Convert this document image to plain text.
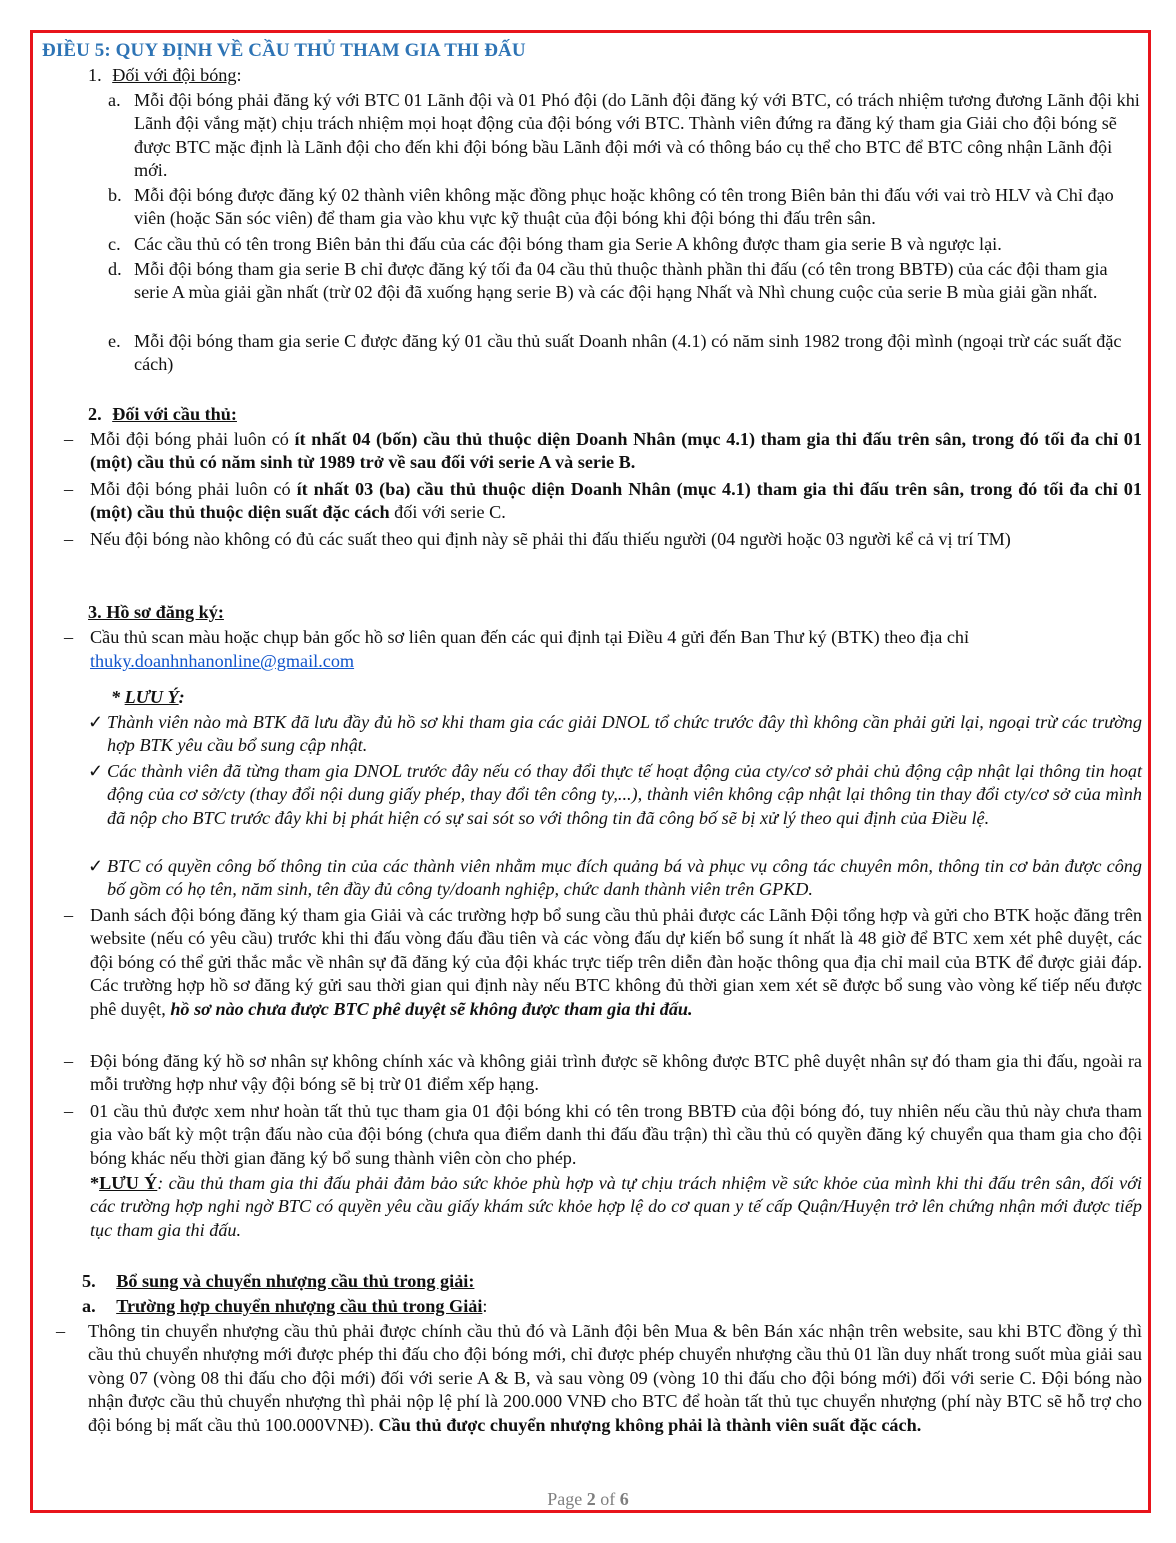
ĐIỀU 5: QUY ĐỊNH VỀ CẦU THỦ THAM GIA THI ĐẤU
1. Đối với đội bóng:
a. Mỗi đội bóng phải đăng ký với BTC 01 Lãnh đội và 01 Phó đội (do Lãnh đội đăng ký với BTC, có trách nhiệm tương đương Lãnh đội khi Lãnh đội vắng mặt) chịu trách nhiệm mọi hoạt động của đội bóng với BTC. Thành viên đứng ra đăng ký tham gia Giải cho đội bóng sẽ được BTC mặc định là Lãnh đội cho đến khi đội bóng bầu Lãnh đội mới và có thông báo cụ thể cho BTC để BTC công nhận Lãnh đội mới.
b. Mỗi đội bóng được đăng ký 02 thành viên không mặc đồng phục hoặc không có tên trong Biên bản thi đấu với vai trò HLV và Chỉ đạo viên (hoặc Săn sóc viên) để tham gia vào khu vực kỹ thuật của đội bóng khi đội bóng thi đấu trên sân.
c. Các cầu thủ có tên trong Biên bản thi đấu của các đội bóng tham gia Serie A không được tham gia serie B và ngược lại.
d. Mỗi đội bóng tham gia serie B chỉ được đăng ký tối đa 04 cầu thủ thuộc thành phần thi đấu (có tên trong BBTĐ) của các đội tham gia serie A mùa giải gần nhất (trừ 02 đội đã xuống hạng serie B) và các đội hạng Nhất và Nhì chung cuộc của serie B mùa giải gần nhất.
e. Mỗi đội bóng tham gia serie C được đăng ký 01 cầu thủ suất Doanh nhân (4.1) có năm sinh 1982 trong đội mình (ngoại trừ các suất đặc cách)
2. Đối với cầu thủ:
– Mỗi đội bóng phải luôn có ít nhất 04 (bốn) cầu thủ thuộc diện Doanh Nhân (mục 4.1) tham gia thi đấu trên sân, trong đó tối đa chỉ 01 (một) cầu thủ có năm sinh từ 1989 trở về sau đối với serie A và serie B.
– Mỗi đội bóng phải luôn có ít nhất 03 (ba) cầu thủ thuộc diện Doanh Nhân (mục 4.1) tham gia thi đấu trên sân, trong đó tối đa chỉ 01 (một) cầu thủ thuộc diện suất đặc cách đối với serie C.
– Nếu đội bóng nào không có đủ các suất theo qui định này sẽ phải thi đấu thiếu người (04 người hoặc 03 người kể cả vị trí TM)
3. Hồ sơ đăng ký:
– Cầu thủ scan màu hoặc chụp bản gốc hồ sơ liên quan đến các qui định tại Điều 4 gửi đến Ban Thư ký (BTK) theo địa chỉ
thuky.doanhnhanonline@gmail.com
* LƯU Ý:
✓ Thành viên nào mà BTK đã lưu đầy đủ hồ sơ khi tham gia các giải DNOL tổ chức trước đây thì không cần phải gửi lại, ngoại trừ các trường hợp BTK yêu cầu bổ sung cập nhật.
✓ Các thành viên đã từng tham gia DNOL trước đây nếu có thay đổi thực tế hoạt động của cty/cơ sở phải chủ động cập nhật lại thông tin hoạt động của cơ sở/cty (thay đổi nội dung giấy phép, thay đổi tên công ty,...), thành viên không cập nhật lại thông tin thay đổi cty/cơ sở của mình đã nộp cho BTC trước đây khi bị phát hiện có sự sai sót so với thông tin đã công bố sẽ bị xử lý theo qui định của Điều lệ.
✓ BTC có quyền công bố thông tin của các thành viên nhằm mục đích quảng bá và phục vụ công tác chuyên môn, thông tin cơ bản được công bố gồm có họ tên, năm sinh, tên đầy đủ công ty/doanh nghiệp, chức danh thành viên trên GPKD.
– Danh sách đội bóng đăng ký tham gia Giải và các trường hợp bổ sung cầu thủ phải được các Lãnh Đội tổng hợp và gửi cho BTK hoặc đăng trên website (nếu có yêu cầu) trước khi thi đấu vòng đấu đầu tiên và các vòng đấu dự kiến bổ sung ít nhất là 48 giờ để BTC xem xét phê duyệt, các đội bóng có thể gửi thắc mắc về nhân sự đã đăng ký của đội khác trực tiếp trên diễn đàn hoặc thông qua địa chỉ mail của BTK để được giải đáp. Các trường hợp hồ sơ đăng ký gửi sau thời gian qui định này nếu BTC không đủ thời gian xem xét sẽ được bổ sung vào vòng kế tiếp nếu được phê duyệt, hồ sơ nào chưa được BTC phê duyệt sẽ không được tham gia thi đấu.
– Đội bóng đăng ký hồ sơ nhân sự không chính xác và không giải trình được sẽ không được BTC phê duyệt nhân sự đó tham gia thi đấu, ngoài ra mỗi trường hợp như vậy đội bóng sẽ bị trừ 01 điểm xếp hạng.
– 01 cầu thủ được xem như hoàn tất thủ tục tham gia 01 đội bóng khi có tên trong BBTĐ của đội bóng đó, tuy nhiên nếu cầu thủ này chưa tham gia vào bất kỳ một trận đấu nào của đội bóng (chưa qua điểm danh thi đấu đầu trận) thì cầu thủ có quyền đăng ký chuyển qua tham gia cho đội bóng khác nếu thời gian đăng ký bổ sung thành viên còn cho phép.
*LƯU Ý: cầu thủ tham gia thi đấu phải đảm bảo sức khỏe phù hợp và tự chịu trách nhiệm về sức khỏe của mình khi thi đấu trên sân, đối với các trường hợp nghi ngờ BTC có quyền yêu cầu giấy khám sức khỏe hợp lệ do cơ quan y tế cấp Quận/Huyện trở lên chứng nhận mới được tiếp tục tham gia thi đấu.
5. Bổ sung và chuyển nhượng cầu thủ trong giải:
a. Trường hợp chuyển nhượng cầu thủ trong Giải:
– Thông tin chuyển nhượng cầu thủ phải được chính cầu thủ đó và Lãnh đội bên Mua & bên Bán xác nhận trên website, sau khi BTC đồng ý thì cầu thủ chuyển nhượng mới được phép thi đấu cho đội bóng mới, chỉ được phép chuyển nhượng cầu thủ 01 lần duy nhất trong suốt mùa giải sau vòng 07 (vòng 08 thi đấu cho đội mới) đối với serie A & B, và sau vòng 09 (vòng 10 thi đấu cho đội bóng mới) đối với serie C. Đội bóng nào nhận được cầu thủ chuyển nhượng thì phải nộp lệ phí là 200.000 VNĐ cho BTC để hoàn tất thủ tục chuyển nhượng (phí này BTC sẽ hỗ trợ cho đội bóng bị mất cầu thủ 100.000VNĐ). Cầu thủ được chuyển nhượng không phải là thành viên suất đặc cách.
Page 2 of 6
